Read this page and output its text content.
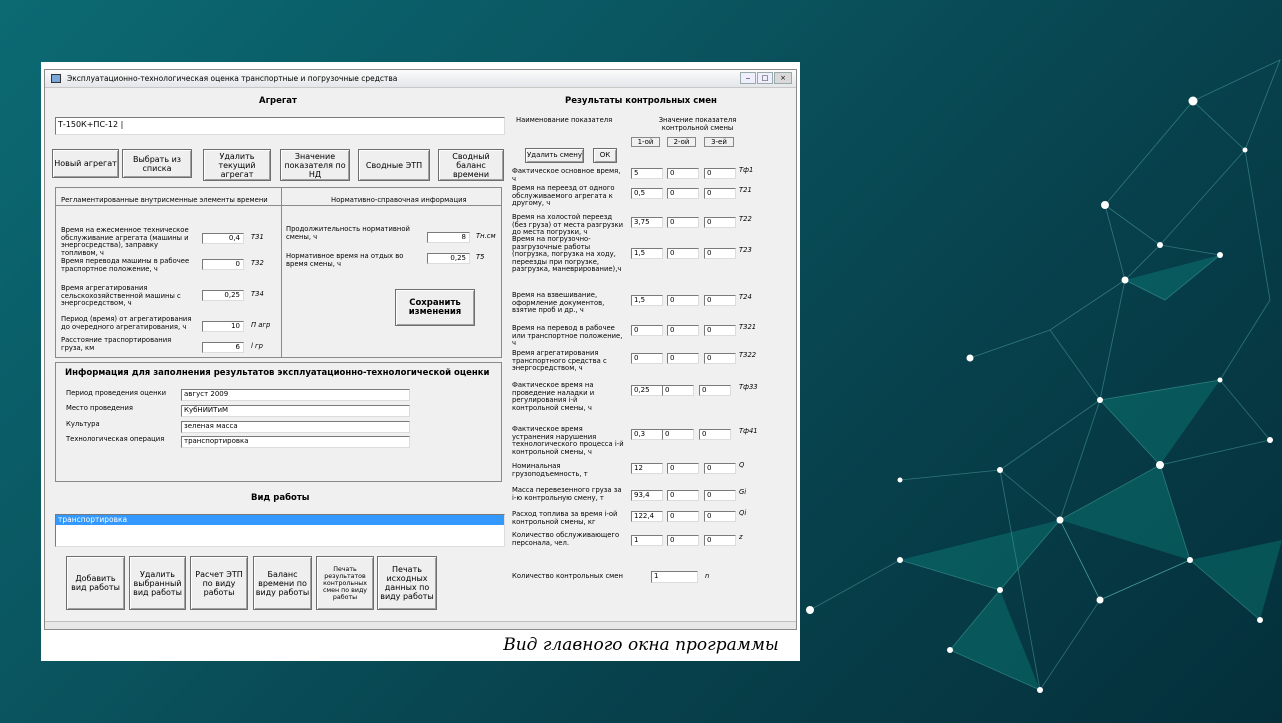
Эксплуатационно-технологическая оценка транспортные и погрузочные средства	‒	□	×
Агрегат
Т-150К+ПС-12 |
Новый агрегат	Выбрать из списка
Удалить текущий агрегат
Значение показателя по НД
Сводные ЭТП
Сводный баланс времени
Регламентированные внутрисменные элементы времени	Нормативно-справочная информация
Время на ежесменное техническое обслуживание агрегата (машины и энергосредства), заправку топливом, ч
0,4	Т31
Время перевода машины в рабочее траспортное положение, ч
0	Т32
Время агрегатирования сельскохозяйственной машины с энергосредством, ч
0,25	Т34
Период (время) от агрегатирования до очередного агрегатирования, ч	10	П агр
Расстояние траспортирования груза, км	6	l гр
Продолжительность нормативной смены, ч	8	Тн.см
Нормативное время на отдых во время смены, ч
0,25	Т5
Сохранить изменения
Информация для заполнения результатов эксплуатационно-технологической оценки
Период проведения оценки	август 2009
Место проведения	КубНИИТиМ
Культура	зеленая масса
Технологическая операция	транспортировка
Вид работы
транспортировка
Добавить вид работы
Удалить выбранный вид работы
Расчет ЭТП по виду работы
Баланс времени по виду работы
Печать результатов контрольных смен по виду работы
Печать исходных данных по виду работы
Результаты контрольных смен
Наименование показателя	Значение показателя контрольной смены
1-ой	2-ой	3-ей
Удалить смену	ОК
Фактическое основное время, ч
5	0	0	Тф1
Время на переезд от одного обслуживаемого агрегата к другому, ч
0,5	0	0	Т21
Время на холостой переезд (без груза) от места разгрузки до места погрузки, ч
3,75	0	0	Т22
Время на погрузочно-разгрузочные работы (погрузка, погрузка на ходу, переезды при погрузке, разгрузка, маневрирование),ч
1,5	0	0	Т23
Время на взвешивание, оформление документов, взятие проб и др., ч
1,5	0	0	Т24
Время на перевод в рабочее или транспортное положение, ч
0	0	0	Т321
Время агрегатирования транспортного средства с энергосредством, ч
0	0	0	Т322
Фактическое время на проведение наладки и регулирования i-й контрольной смены, ч
0,25	0	0	Тф33
Фактическое время устранения нарушения технологического процесса i-й контрольной смены, ч
0,3	0	0	Тф41
Номинальная грузоподъемность, т
12	0	0	Q
Масса перевезенного груза за i-ю контрольную смену, т	93,4	0	0	Gi
Расход топлива за время i-ой контрольной смены, кг
122,4	0	0	Qi
Количество обслуживающего персонала, чел.	1	0	0	z
Количество контрольных смен	1	n
Вид главного окна программы
